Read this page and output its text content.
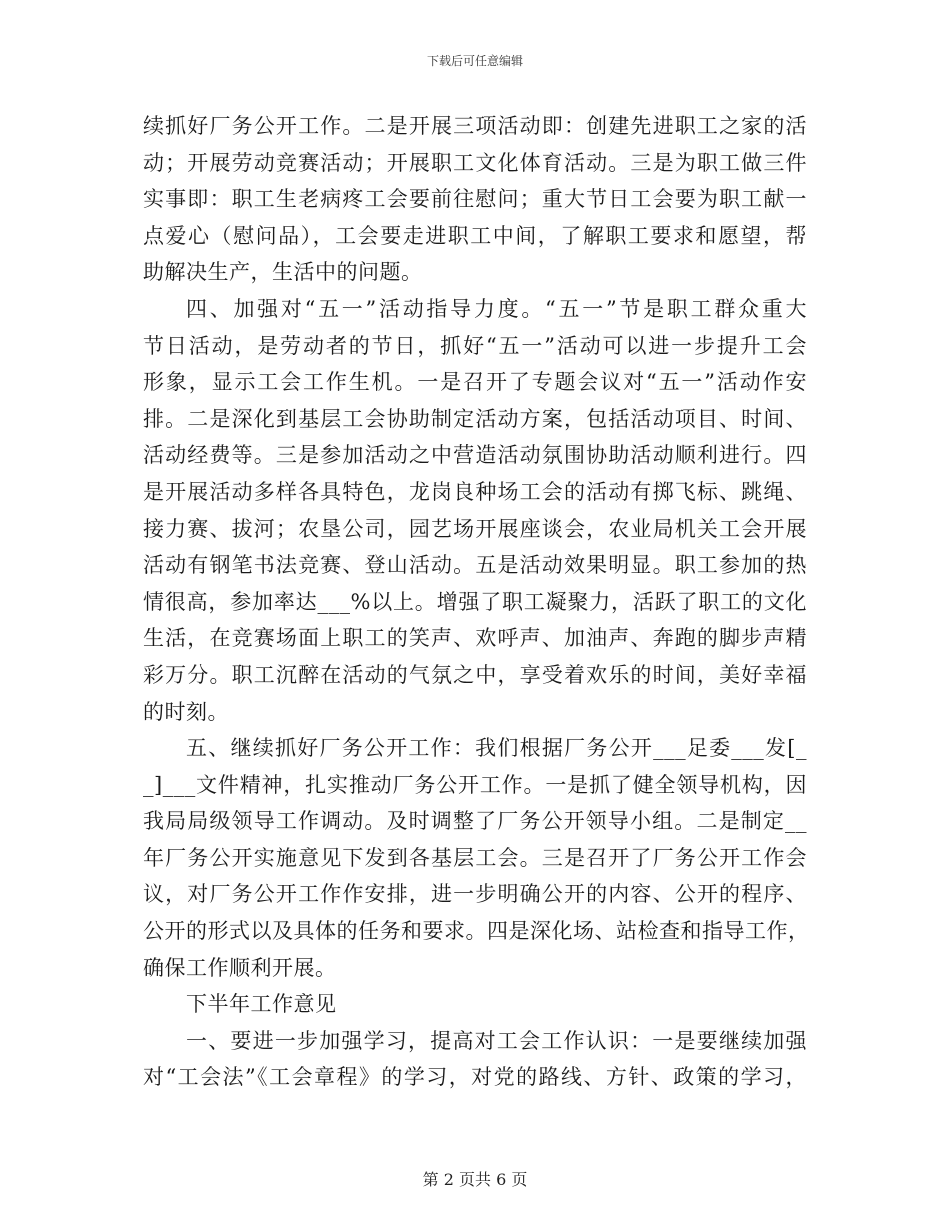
下载后可任意编辑
续抓好厂务公开工作。二是开展三项活动即：创建先进职工之家的活
动；开展劳动竞赛活动；开展职工文化体育活动。三是为职工做三件
实事即：职工生老病疼工会要前往慰问；重大节日工会要为职工献一
点爱心（慰问品），工会要走进职工中间，了解职工要求和愿望，帮
助解决生产，生活中的问题。
四、加强对“五一”活动指导力度。“五一”节是职工群众重大
节日活动，是劳动者的节日，抓好“五一”活动可以进一步提升工会
形象，显示工会工作生机。一是召开了专题会议对“五一”活动作安
排。二是深化到基层工会协助制定活动方案，包括活动项目、时间、
活动经费等。三是参加活动之中营造活动氛围协助活动顺利进行。四
是开展活动多样各具特色，龙岗良种场工会的活动有掷飞标、跳绳、
接力赛、拔河；农垦公司，园艺场开展座谈会，农业局机关工会开展
活动有钢笔书法竞赛、登山活动。五是活动效果明显。职工参加的热
情很高，参加率达___%以上。增强了职工凝聚力，活跃了职工的文化
生活，在竞赛场面上职工的笑声、欢呼声、加油声、奔跑的脚步声精
彩万分。职工沉醉在活动的气氛之中，享受着欢乐的时间，美好幸福
的时刻。
五、继续抓好厂务公开工作：我们根据厂务公开___足委___发[_
_]___文件精神，扎实推动厂务公开工作。一是抓了健全领导机构，因
我局局级领导工作调动。及时调整了厂务公开领导小组。二是制定__
年厂务公开实施意见下发到各基层工会。三是召开了厂务公开工作会
议，对厂务公开工作作安排，进一步明确公开的内容、公开的程序、
公开的形式以及具体的任务和要求。四是深化场、站检查和指导工作，
确保工作顺利开展。
下半年工作意见
一、要进一步加强学习，提高对工会工作认识：一是要继续加强
对“工会法”《工会章程》的学习，对党的路线、方针、政策的学习，
第 2 页共 6 页
